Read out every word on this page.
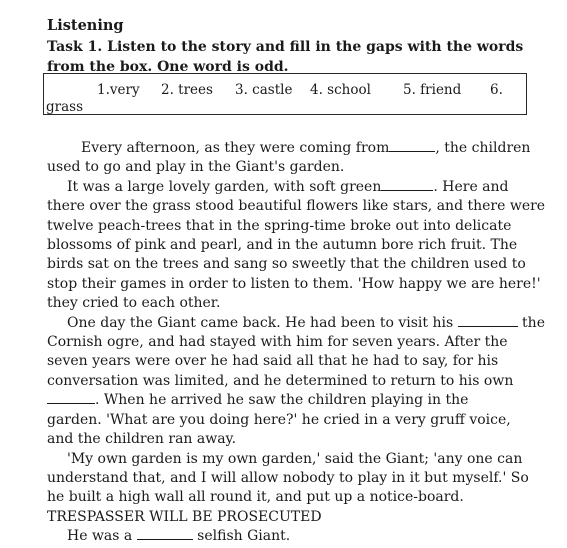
Listening
Task 1. Listen to the story and fill in the gaps with the words from the box. One word is odd.
1.very 2. trees 3. castle 4. school 5. friend 6.
grass
Every afternoon, as they were coming from	, the children
used to go and play in the Giant's garden.
It was a large lovely garden, with soft green	. Here and
there over the grass stood beautiful flowers like stars, and there were
twelve peach-trees that in the spring-time broke out into delicate
blossoms of pink and pearl, and in the autumn bore rich fruit. The
birds sat on the trees and sang so sweetly that the children used to
stop their games in order to listen to them. 'How happy we are here!'
they cried to each other.
One day the Giant came back. He had been to visit his	the
Cornish ogre, and had stayed with him for seven years. After the
seven years were over he had said all that he had to say, for his
conversation was limited, and he determined to return to his own
. When he arrived he saw the children playing in the
garden. 'What are you doing here?' he cried in a very gruff voice,
and the children ran away.
'My own garden is my own garden,' said the Giant; 'any one can
understand that, and I will allow nobody to play in it but myself.' So
he built a high wall all round it, and put up a notice-board.
TRESPASSER WILL BE PROSECUTED
He was a	selfish Giant.
